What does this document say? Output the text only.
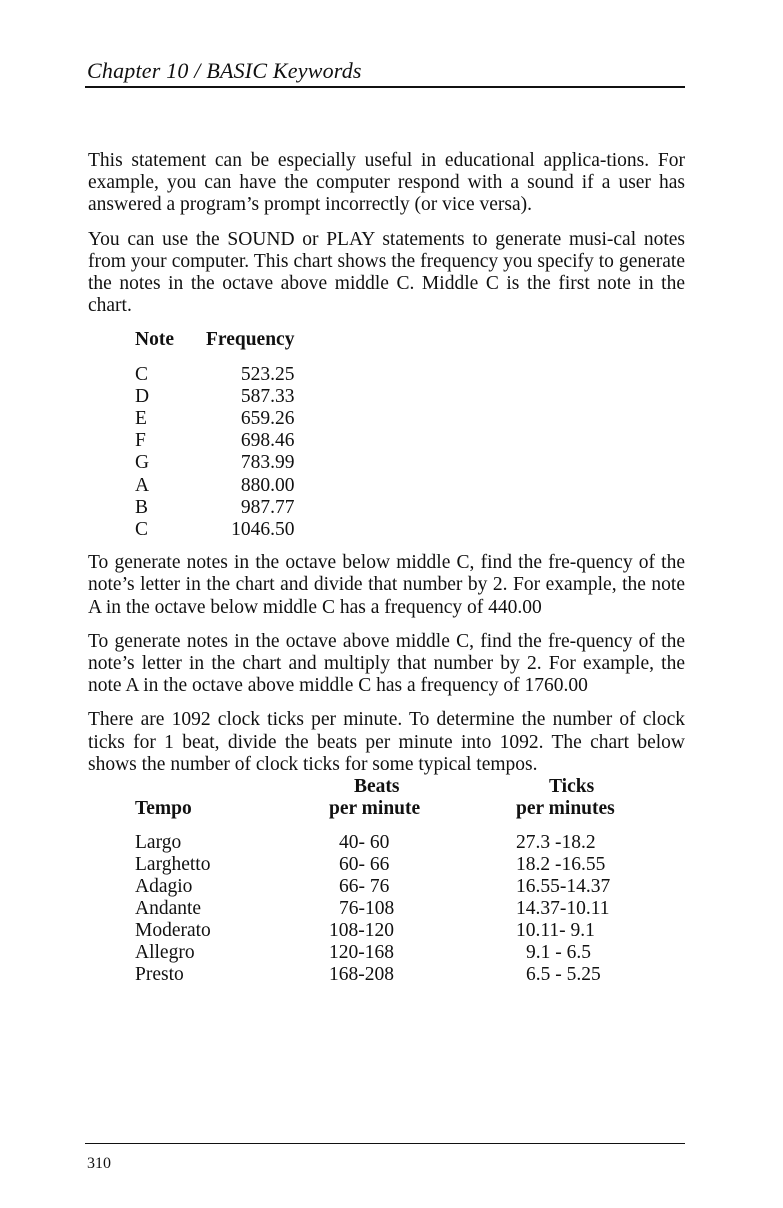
Chapter 10 / BASIC Keywords

This statement can be especially useful in educational applica-tions. For example, you can have the computer respond with a sound if a user has answered a program’s prompt incorrectly (or vice versa).

You can use the SOUND or PLAY statements to generate musi-cal notes from your computer. This chart shows the frequency you specify to generate the notes in the octave above middle C. Middle C is the first note in the chart.

Note	Frequency
C	523.25
D	587.33
E	659.26
F	698.46
G	783.99
A	880.00
B	987.77
C	1046.50

To generate notes in the octave below middle C, find the fre-quency of the note’s letter in the chart and divide that number by 2. For example, the note A in the octave below middle C has a frequency of 440.00

To generate notes in the octave above middle C, find the fre-quency of the note’s letter in the chart and multiply that number by 2. For example, the note A in the octave above middle C has a frequency of 1760.00

There are 1092 clock ticks per minute. To determine the number of clock ticks for 1 beat, divide the beats per minute into 1092. The chart below shows the number of clock ticks for some typical tempos.

	Beats	Ticks
Tempo	per minute	per minutes

Largo	40- 60	27.3 -18.2
Larghetto	60- 66	18.2 -16.55
Adagio	66- 76	16.55-14.37
Andante	76-108	14.37-10.11
Moderato	108-120	10.11- 9.1
Allegro	120-168	9.1 - 6.5
Presto	168-208	6.5 - 5.25
310
